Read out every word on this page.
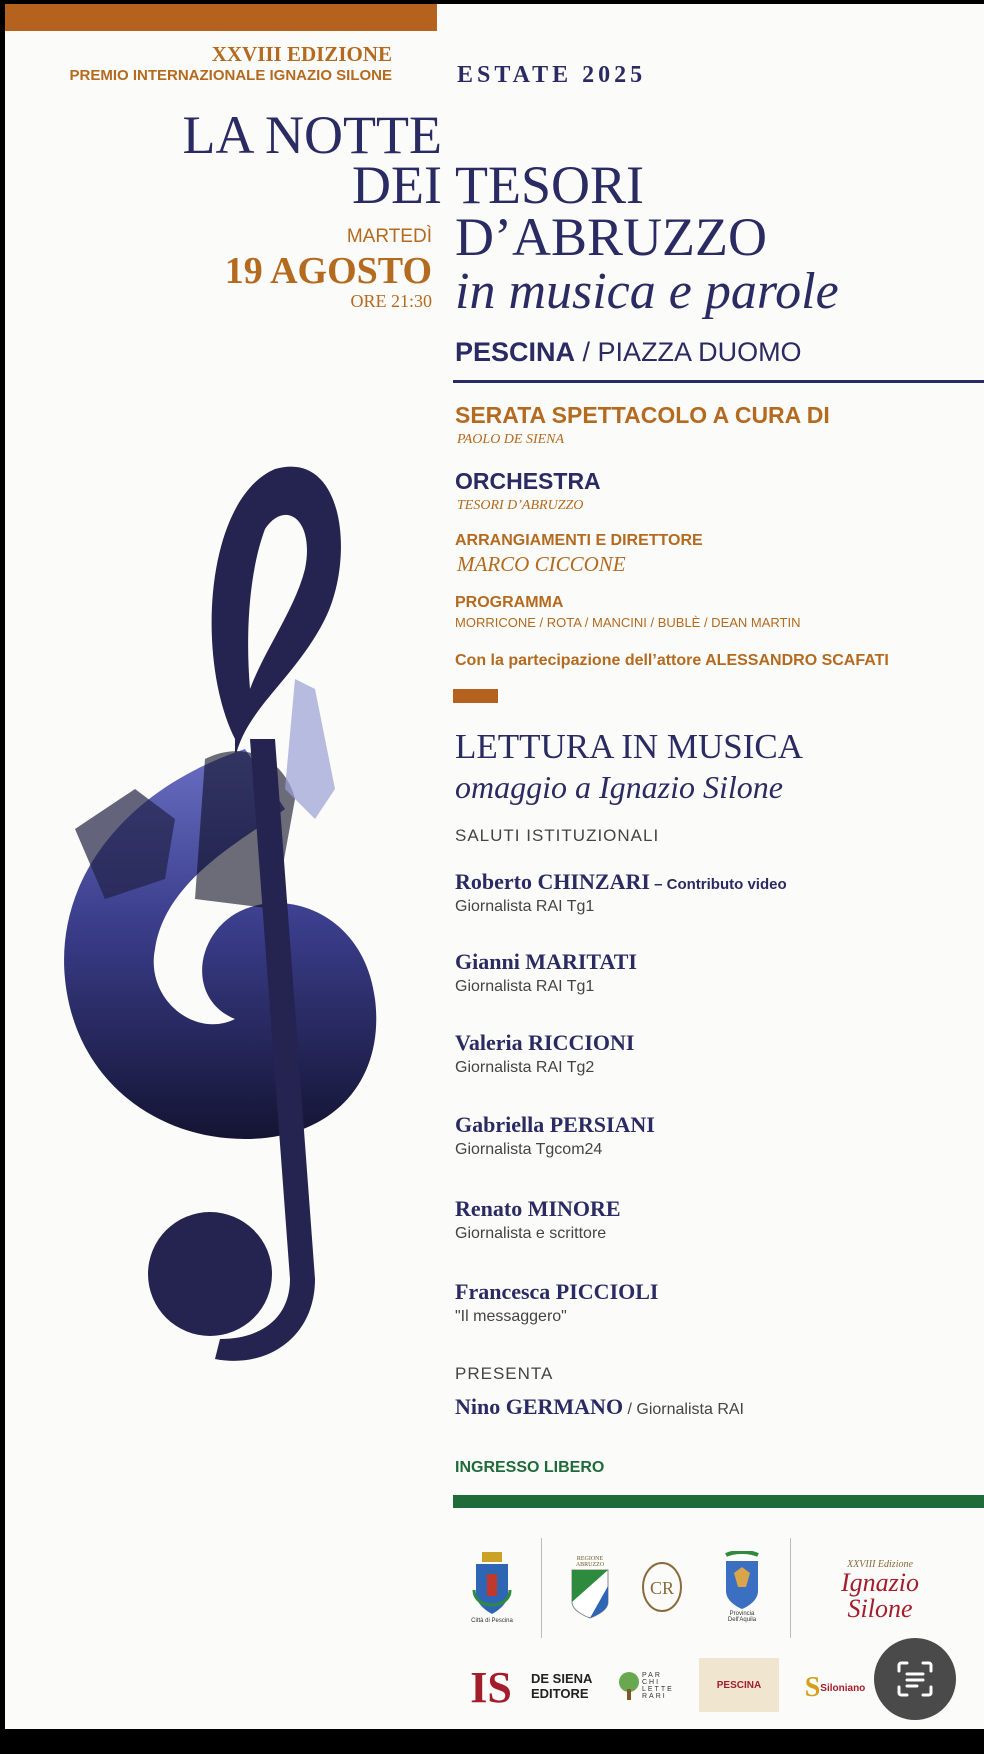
XXVIII EDIZIONE
PREMIO INTERNAZIONALE IGNAZIO SILONE	ESTATE 2025
LA NOTTE
DEI TESORI
D’ABRUZZO
in musica e parole
MARTEDÌ
19 AGOSTO
ORE 21:30
PESCINA / PIAZZA DUOMO
SERATA SPETTACOLO A CURA DI
PAOLO DE SIENA
ORCHESTRA
TESORI D’ABRUZZO
ARRANGIAMENTI E DIRETTORE
MARCO CICCONE
PROGRAMMA
MORRICONE / ROTA / MANCINI / BUBLÈ / DEAN MARTIN
Con la partecipazione dell’attore ALESSANDRO SCAFATI
LETTURA IN MUSICA
omaggio a Ignazio Silone
SALUTI ISTITUZIONALI
Roberto CHINZARI – Contributo video
Giornalista RAI Tg1
Gianni MARITATI
Giornalista RAI Tg1
Valeria RICCIONI
Giornalista RAI Tg2
Gabriella PERSIANI
Giornalista Tgcom24
Renato MINORE
Giornalista e scrittore
Francesca PICCIOLI
"Il messaggero"
PRESENTA
Nino GERMANO / Giornalista RAI
INGRESSO LIBERO
Città di Pescina
REGIONE ABRUZZO
CR
Provincia Dell'Aquila
XXVIII Edizione
Ignazio
Silone
IS DE SIENA
EDITORE
PAR CHI LETTE RARI
PESCINA S Siloniano
